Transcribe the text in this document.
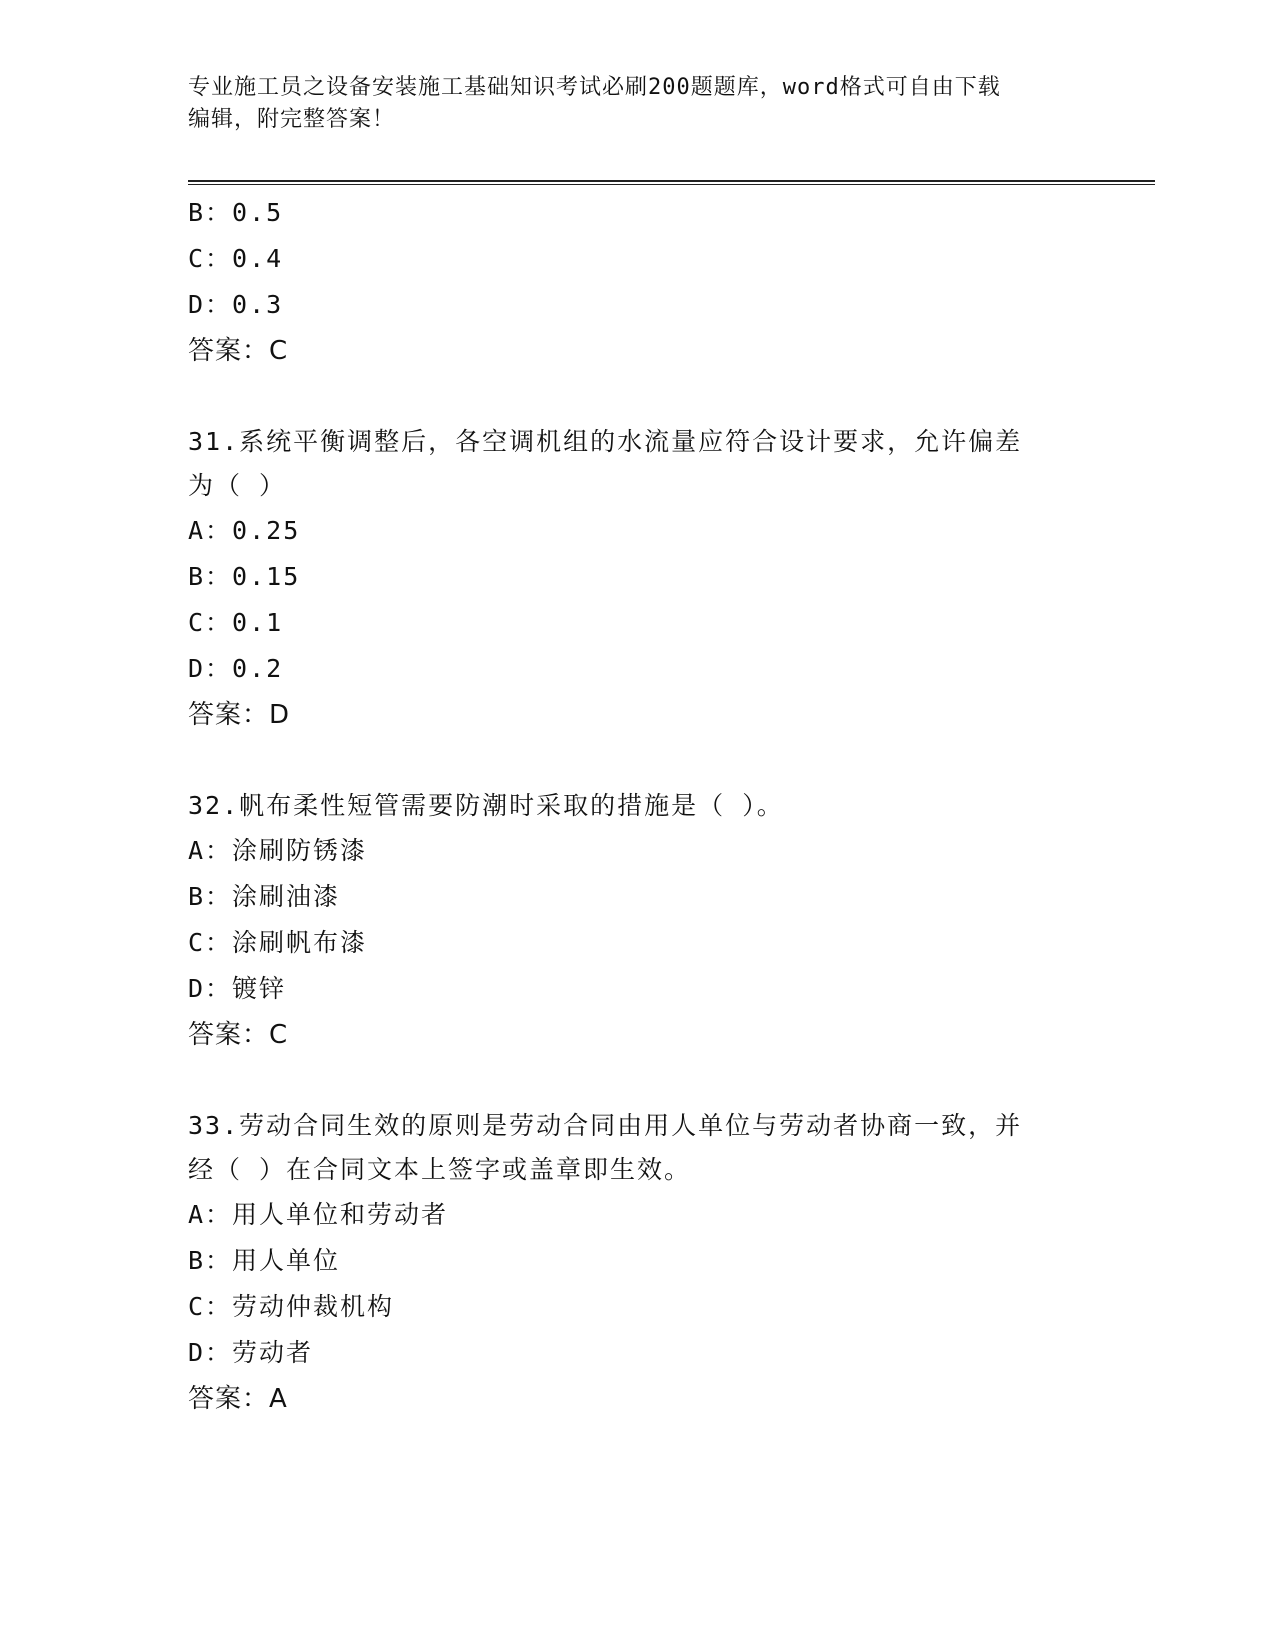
专业施工员之设备安装施工基础知识考试必刷200题题库，word格式可自由下载
编辑，附完整答案！
B：0.5
C：0.4
D：0.3
答案：C
31.系统平衡调整后，各空调机组的水流量应符合设计要求，允许偏差
为（ ）
A：0.25
B：0.15
C：0.1
D：0.2
答案：D
32.帆布柔性短管需要防潮时采取的措施是（ ）。
A：涂刷防锈漆
B：涂刷油漆
C：涂刷帆布漆
D：镀锌
答案：C
33.劳动合同生效的原则是劳动合同由用人单位与劳动者协商一致，并
经（ ）在合同文本上签字或盖章即生效。
A：用人单位和劳动者
B：用人单位
C：劳动仲裁机构
D：劳动者
答案：A
